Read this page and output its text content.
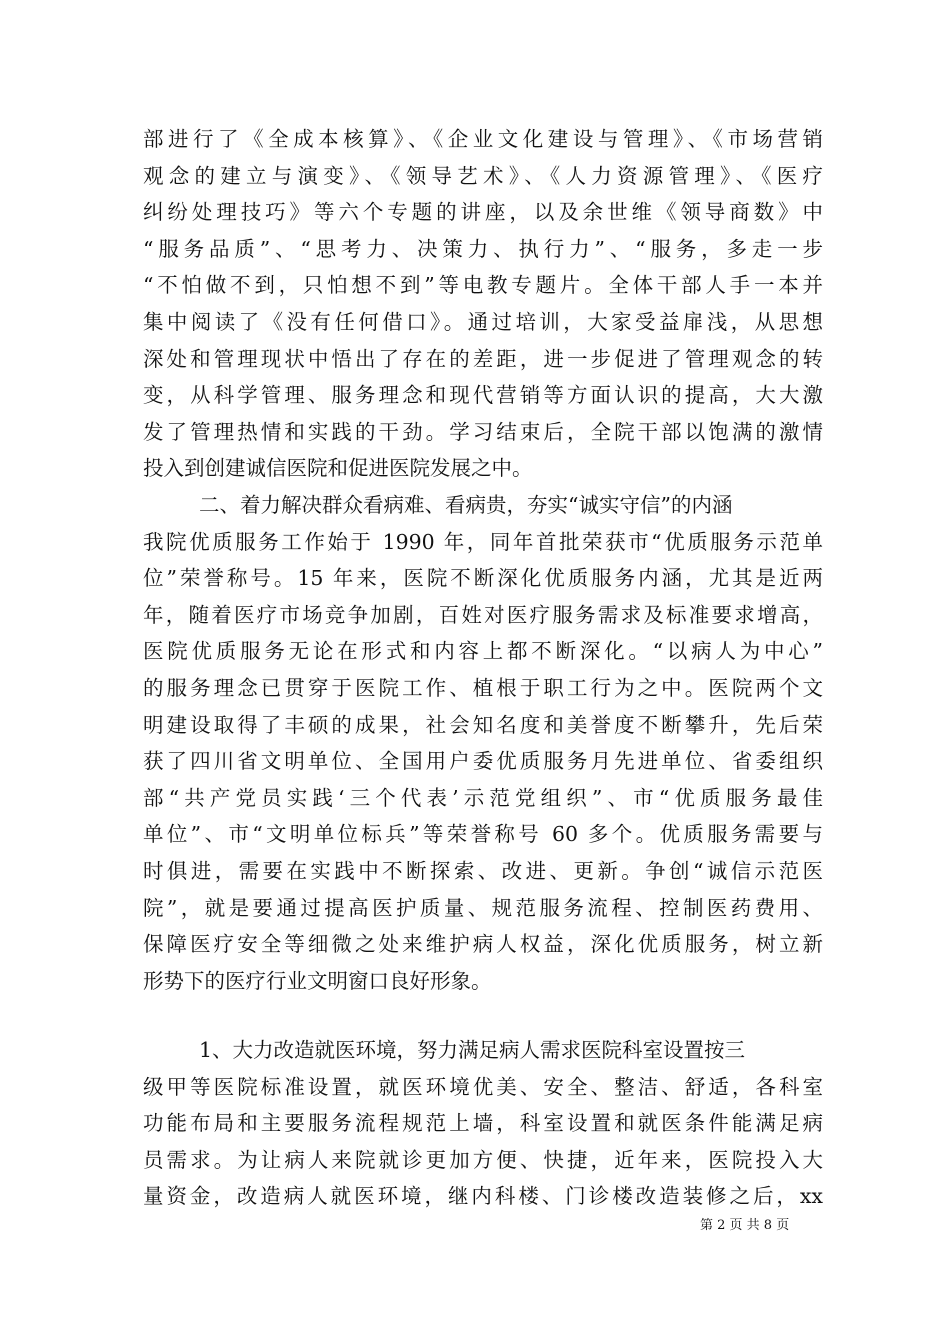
部进行了《全成本核算》、《企业文化建设与管理》、《市场营销
观念的建立与演变》、《领导艺术》、《人力资源管理》、《医疗
纠纷处理技巧》等六个专题的讲座，以及余世维《领导商数》中
“服务品质”、“思考力、决策力、执行力”、“服务，多走一步
“不怕做不到，只怕想不到”等电教专题片。全体干部人手一本并
集中阅读了《没有任何借口》。通过培训，大家受益扉浅，从思想
深处和管理现状中悟出了存在的差距，进一步促进了管理观念的转
变，从科学管理、服务理念和现代营销等方面认识的提高，大大激
发了管理热情和实践的干劲。学习结束后，全院干部以饱满的激情
投入到创建诚信医院和促进医院发展之中。
二、着力解决群众看病难、看病贵，夯实“诚实守信”的内涵
我院优质服务工作始于 1990 年，同年首批荣获市“优质服务示范单
位”荣誉称号。15 年来，医院不断深化优质服务内涵，尤其是近两
年，随着医疗市场竞争加剧，百姓对医疗服务需求及标准要求增高，
医院优质服务无论在形式和内容上都不断深化。“以病人为中心”
的服务理念已贯穿于医院工作、植根于职工行为之中。医院两个文
明建设取得了丰硕的成果，社会知名度和美誉度不断攀升，先后荣
获了四川省文明单位、全国用户委优质服务月先进单位、省委组织
部“共产党员实践‘三个代表’示范党组织”、市“优质服务最佳
单位”、市“文明单位标兵”等荣誉称号 60 多个。优质服务需要与
时俱进，需要在实践中不断探索、改进、更新。争创“诚信示范医
院”，就是要通过提高医护质量、规范服务流程、控制医药费用、
保障医疗安全等细微之处来维护病人权益，深化优质服务，树立新
形势下的医疗行业文明窗口良好形象。
1、大力改造就医环境，努力满足病人需求医院科室设置按三
级甲等医院标准设置，就医环境优美、安全、整洁、舒适，各科室
功能布局和主要服务流程规范上墙，科室设置和就医条件能满足病
员需求。为让病人来院就诊更加方便、快捷，近年来，医院投入大
量资金，改造病人就医环境，继内科楼、门诊楼改造装修之后，xx
第 2 页 共 8 页
